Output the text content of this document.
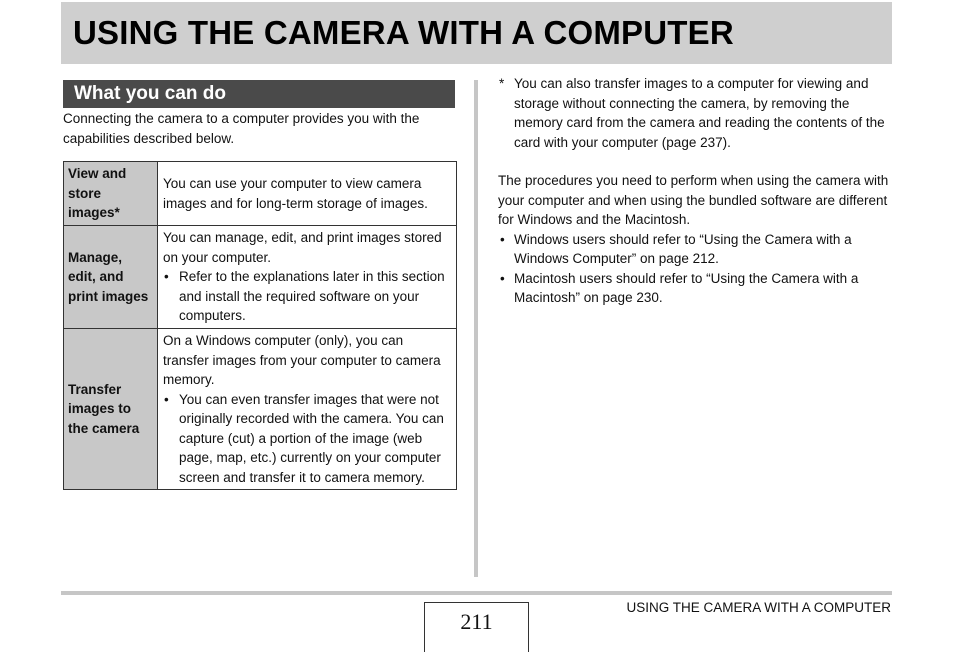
USING THE CAMERA WITH A COMPUTER
What you can do

Connecting the camera to a computer provides you with the capabilities described below.

View and store images*	You can use your computer to view camera images and for long-term storage of images.

Manage, edit, and print images	You can manage, edit, and print images stored on your computer.
• Refer to the explanations later in this section and install the required software on your computers.

Transfer images to the camera	On a Windows computer (only), you can transfer images from your computer to camera memory.
• You can even transfer images that were not originally recorded with the camera. You can capture (cut) a portion of the image (web page, map, etc.) currently on your computer screen and transfer it to camera memory.

* You can also transfer images to a computer for viewing and storage without connecting the camera, by removing the memory card from the camera and reading the contents of the card with your computer (page 237).

The procedures you need to perform when using the camera with your computer and when using the bundled software are different for Windows and the Macintosh.

• Windows users should refer to “Using the Camera with a Windows Computer” on page 212.

• Macintosh users should refer to “Using the Camera with a Macintosh” on page 230.

211
USING THE CAMERA WITH A COMPUTER
